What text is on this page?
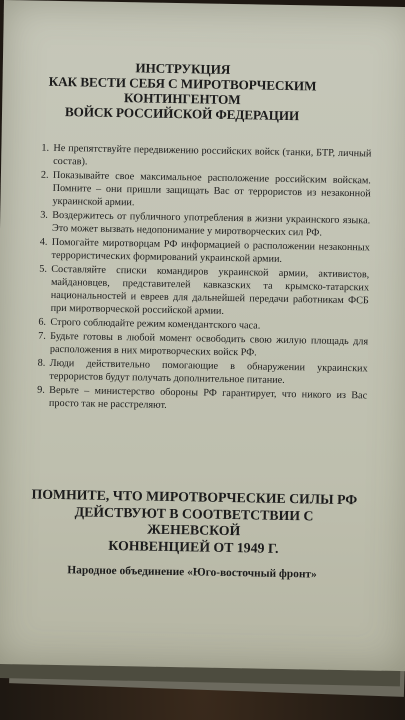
ИНСТРУКЦИЯ
КАК ВЕСТИ СЕБЯ С МИРОТВОРЧЕСКИМ
КОНТИНГЕНТОМ
ВОЙСК РОССИЙСКОЙ ФЕДЕРАЦИИ
1. Не препятствуйте передвижению российских войск (танки, БТР, личный состав).
2. Показывайте свое максимальное расположение российским войскам. Помните – они пришли защищать Вас от террористов из незаконной украинской армии.
3. Воздержитесь от публичного употребления в жизни украинского языка. Это может вызвать недопонимание у миротворческих сил РФ.
4. Помогайте миротворцам РФ информацией о расположении незаконных террористических формирований украинской армии.
5. Составляйте списки командиров украинской армии, активистов, майдановцев, представителей кавказских та крымско-татарских национальностей и евреев для дальнейшей передачи работникам ФСБ при миротворческой российской армии.
6. Строго соблюдайте режим комендантского часа.
7. Будьте готовы в любой момент освободить свою жилую площадь для расположения в них миротворческих войск РФ.
8. Люди действительно помогающие в обнаружении украинских террористов будут получать дополнительное питание.
9. Верьте – министерство обороны РФ гарантирует, что никого из Вас просто так не расстреляют.
ПОМНИТЕ, ЧТО МИРОТВОРЧЕСКИЕ СИЛЫ РФ
ДЕЙСТВУЮТ В СООТВЕТСТВИИ С ЖЕНЕВСКОЙ
КОНВЕНЦИЕЙ ОТ 1949 Г.
Народное объединение «Юго-восточный фронт»
